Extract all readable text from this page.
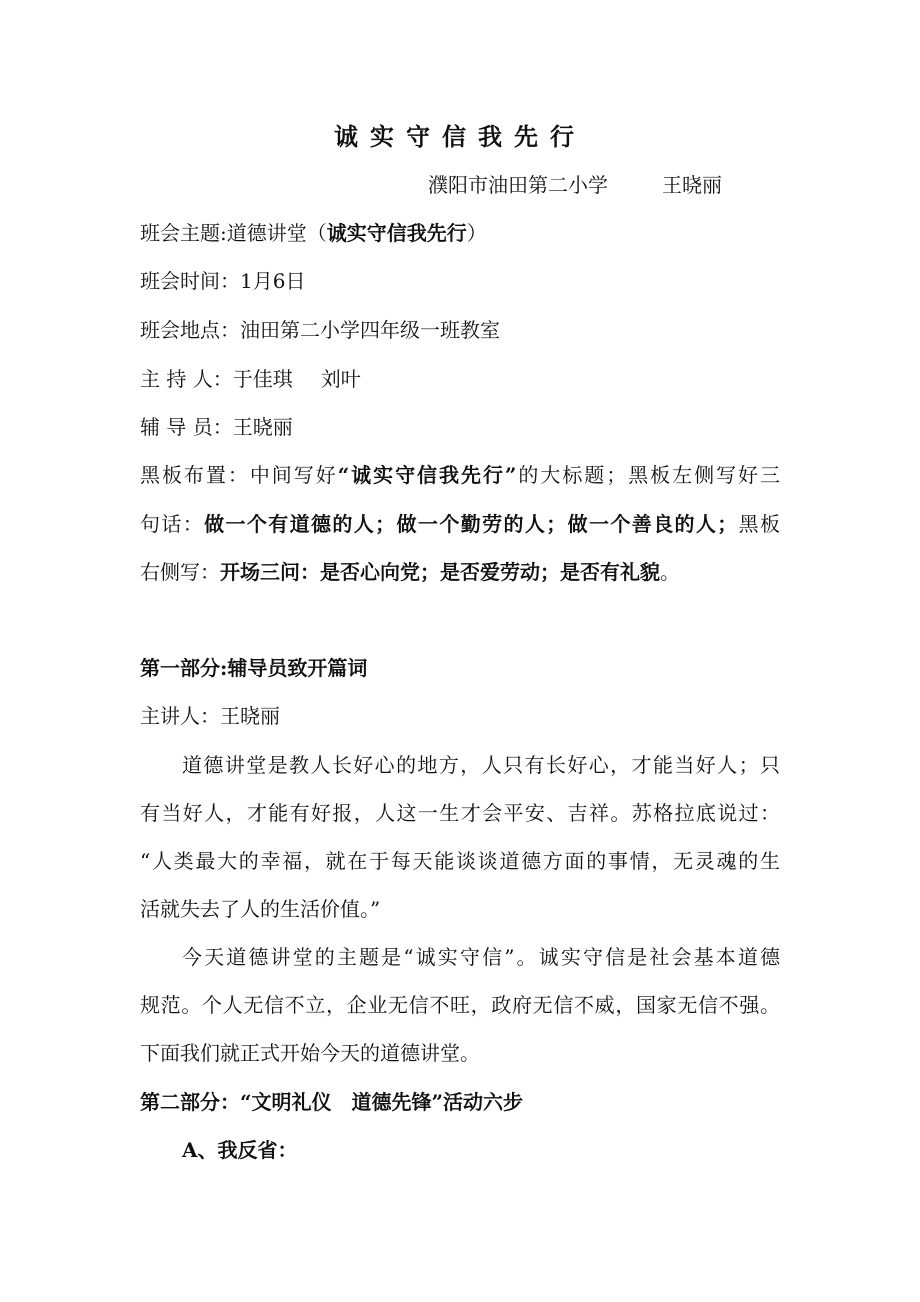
诚实守信我先行
濮阳市油田第二小学	王晓丽
班会主题:道德讲堂（诚实守信我先行）
班会时间：1月6日
班会地点：油田第二小学四年级一班教室
主 持 人：于佳琪 刘叶
辅 导 员：王晓丽
黑板布置：中间写好“诚实守信我先行”的大标题；黑板左侧写好三
句话：做一个有道德的人；做一个勤劳的人；做一个善良的人；黑板
右侧写：开场三问：是否心向党；是否爱劳动；是否有礼貌。
第一部分:辅导员致开篇词
主讲人：王晓丽
道德讲堂是教人长好心的地方，人只有长好心，才能当好人；只
有当好人，才能有好报，人这一生才会平安、吉祥。苏格拉底说过：
“人类最大的幸福，就在于每天能谈谈道德方面的事情，无灵魂的生
活就失去了人的生活价值。”
今天道德讲堂的主题是“诚实守信”。诚实守信是社会基本道德
规范。个人无信不立，企业无信不旺，政府无信不威，国家无信不强。
下面我们就正式开始今天的道德讲堂。
第二部分：“文明礼仪　道德先锋”活动六步
A、我反省：
